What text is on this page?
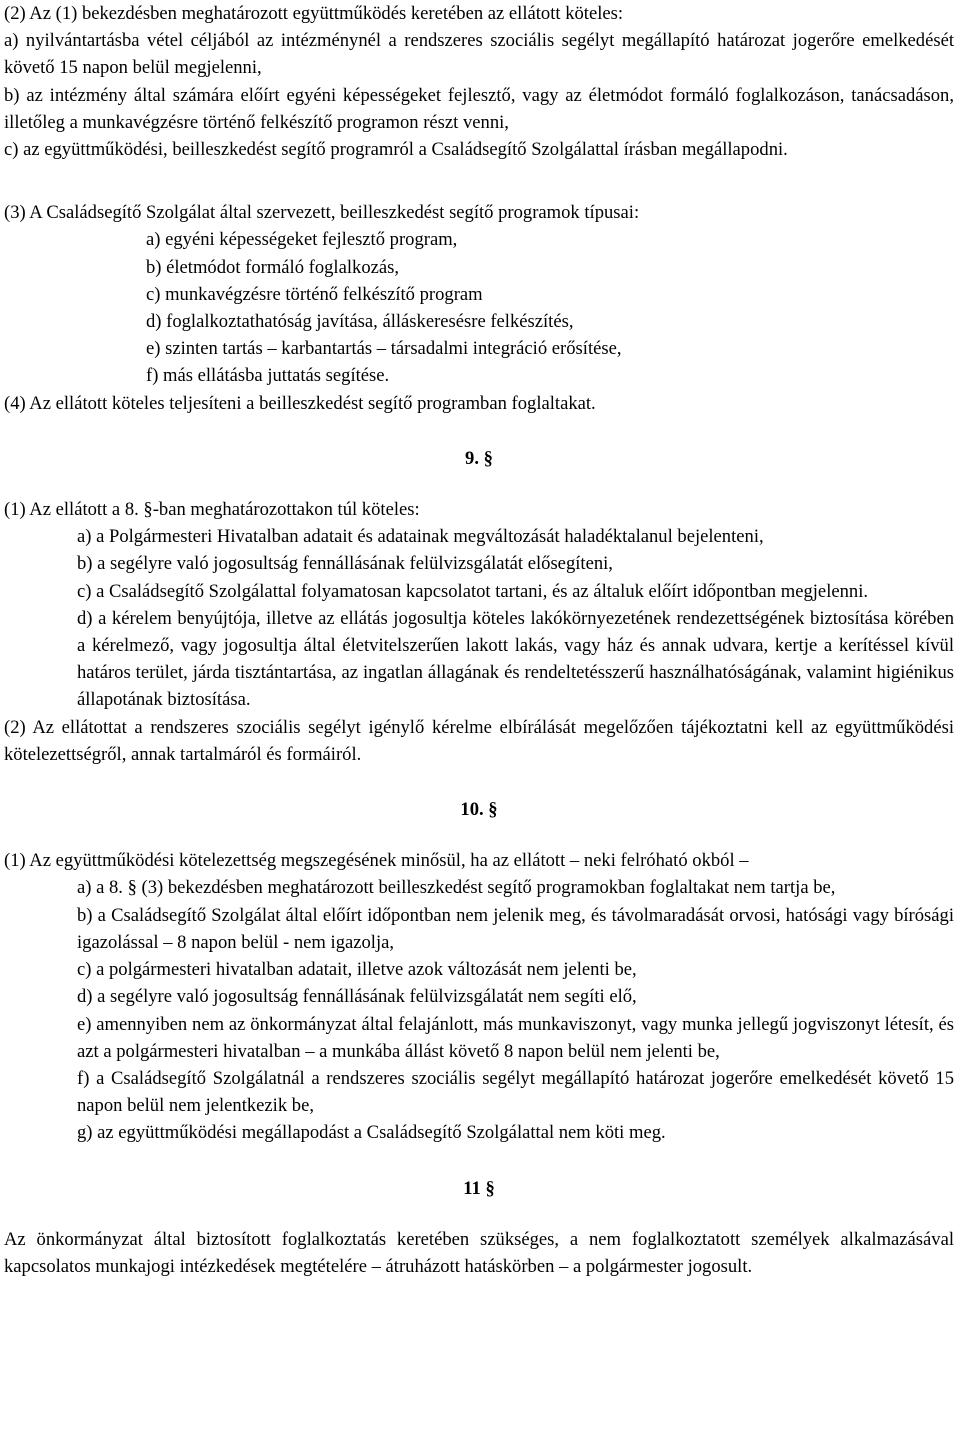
(2) Az (1) bekezdésben meghatározott együttműködés keretében az ellátott köteles:

a) nyilvántartásba vétel céljából az intézménynél a rendszeres szociális segélyt megállapító határozat jogerőre emelkedését követő 15 napon belül megjelenni,

b) az intézmény által számára előírt egyéni képességeket fejlesztő, vagy az életmódot formáló foglalkozáson, tanácsadáson, illetőleg a munkavégzésre történő felkészítő programon részt venni,

c) az együttműködési, beilleszkedést segítő programról a Családsegítő Szolgálattal írásban megállapodni.

(3) A Családsegítő Szolgálat által szervezett, beilleszkedést segítő programok típusai:

a) egyéni képességeket fejlesztő program,

b) életmódot formáló foglalkozás,

c) munkavégzésre történő felkészítő program

d) foglalkoztathatóság javítása, álláskeresésre felkészítés,

e) szinten tartás – karbantartás – társadalmi integráció erősítése,

f) más ellátásba juttatás segítése.

(4) Az ellátott köteles teljesíteni a beilleszkedést segítő programban foglaltakat.

9. §

(1) Az ellátott a 8. §-ban meghatározottakon túl köteles:

a) a Polgármesteri Hivatalban adatait és adatainak megváltozását haladéktalanul bejelenteni,

b) a segélyre való jogosultság fennállásának felülvizsgálatát elősegíteni,

c) a Családsegítő Szolgálattal folyamatosan kapcsolatot tartani, és az általuk előírt időpontban megjelenni.

d) a kérelem benyújtója, illetve az ellátás jogosultja köteles lakókörnyezetének rendezettségének biztosítása körében a kérelmező, vagy jogosultja által életvitelszerűen lakott lakás, vagy ház és annak udvara, kertje a kerítéssel kívül határos terület, járda tisztántartása, az ingatlan állagának és rendeltetésszerű használhatóságának, valamint higiénikus állapotának biztosítása.

(2) Az ellátottat a rendszeres szociális segélyt igénylő kérelme elbírálását megelőzően tájékoztatni kell az együttműködési kötelezettségről, annak tartalmáról és formáiról.

10. §

(1) Az együttműködési kötelezettség megszegésének minősül, ha az ellátott – neki felróható okból –

a) a 8. § (3) bekezdésben meghatározott beilleszkedést segítő programokban foglaltakat nem tartja be,

b) a Családsegítő Szolgálat által előírt időpontban nem jelenik meg, és távolmaradását orvosi, hatósági vagy bírósági igazolással – 8 napon belül - nem igazolja,

c) a polgármesteri hivatalban adatait, illetve azok változását nem jelenti be,

d) a segélyre való jogosultság fennállásának felülvizsgálatát nem segíti elő,

e) amennyiben nem az önkormányzat által felajánlott, más munkaviszonyt, vagy munka jellegű jogviszonyt létesít, és azt a polgármesteri hivatalban – a munkába állást követő 8 napon belül nem jelenti be,

f) a Családsegítő Szolgálatnál a rendszeres szociális segélyt megállapító határozat jogerőre emelkedését követő 15 napon belül nem jelentkezik be,

g) az együttműködési megállapodást a Családsegítő Szolgálattal nem köti meg.

11 §

Az önkormányzat által biztosított foglalkoztatás keretében szükséges, a nem foglalkoztatott személyek alkalmazásával kapcsolatos munkajogi intézkedések megtételére – átruházott hatáskörben – a polgármester jogosult.
